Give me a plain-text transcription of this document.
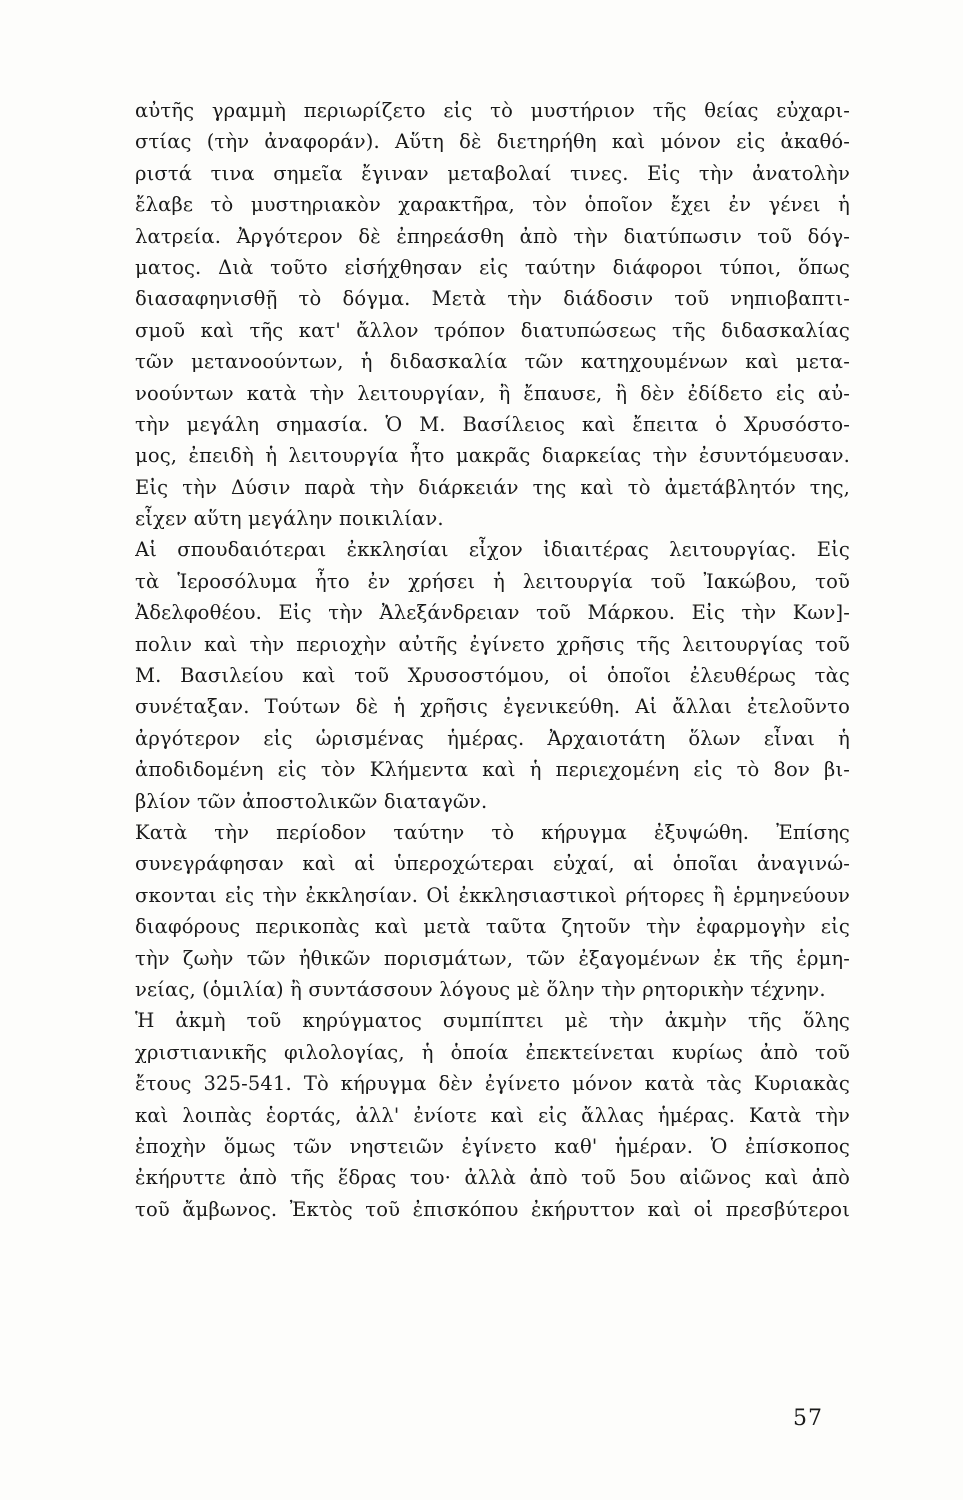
αὐτῆς γραμμὴ περιωρίζετο εἰς τὸ μυστήριον τῆς θείας εὐχαρι-
στίας (τὴν ἀναφοράν). Αὕτη δὲ διετηρήθη καὶ μόνον εἰς ἀκαθό-
ριστά τινα σημεῖα ἔγιναν μεταβολαί τινες. Εἰς τὴν ἀνατολὴν
ἔλαβε τὸ μυστηριακὸν χαρακτῆρα, τὸν ὁποῖον ἔχει ἐν γένει ἡ
λατρεία. Ἀργότερον δὲ ἐπηρεάσθη ἀπὸ τὴν διατύπωσιν τοῦ δόγ-
ματος. Διὰ τοῦτο εἰσήχθησαν εἰς ταύτην διάφοροι τύποι, ὅπως
διασαφηνισθῇ τὸ δόγμα. Μετὰ τὴν διάδοσιν τοῦ νηπιοβαπτι-
σμοῦ καὶ τῆς κατ' ἄλλον τρόπον διατυπώσεως τῆς διδασκαλίας
τῶν μετανοούντων, ἡ διδασκαλία τῶν κατηχουμένων καὶ μετα-
νοούντων κατὰ τὴν λειτουργίαν, ἢ ἔπαυσε, ἢ δὲν ἐδίδετο εἰς αὐ-
τὴν μεγάλη σημασία. Ὁ Μ. Βασίλειος καὶ ἔπειτα ὁ Χρυσόστο-
μος, ἐπειδὴ ἡ λειτουργία ἦτο μακρᾶς διαρκείας τὴν ἐσυντόμευσαν.
Εἰς τὴν Δύσιν παρὰ τὴν διάρκειάν της καὶ τὸ ἀμετάβλητόν της,
εἶχεν αὕτη μεγάλην ποικιλίαν.
Αἱ σπουδαιότεραι ἐκκλησίαι εἶχον ἰδιαιτέρας λειτουργίας. Εἰς
τὰ Ἱεροσόλυμα ἦτο ἐν χρήσει ἡ λειτουργία τοῦ Ἰακώβου, τοῦ
Ἀδελφοθέου. Εἰς τὴν Ἀλεξάνδρειαν τοῦ Μάρκου. Εἰς τὴν Κων]-
πολιν καὶ τὴν περιοχὴν αὐτῆς ἐγίνετο χρῆσις τῆς λειτουργίας τοῦ
Μ. Βασιλείου καὶ τοῦ Χρυσοστόμου, οἱ ὁποῖοι ἐλευθέρως τὰς
συνέταξαν. Τούτων δὲ ἡ χρῆσις ἐγενικεύθη. Αἱ ἄλλαι ἐτελοῦντο
ἀργότερον εἰς ὡρισμένας ἡμέρας. Ἀρχαιοτάτη ὅλων εἶναι ἡ
ἀποδιδομένη εἰς τὸν Κλήμεντα καὶ ἡ περιεχομένη εἰς τὸ 8ον βι-
βλίον τῶν ἀποστολικῶν διαταγῶν.
Κατὰ τὴν περίοδον ταύτην τὸ κήρυγμα ἐξυψώθη. Ἐπίσης
συνεγράφησαν καὶ αἱ ὑπεροχώτεραι εὐχαί, αἱ ὁποῖαι ἀναγινώ-
σκονται εἰς τὴν ἐκκλησίαν. Οἱ ἐκκλησιαστικοὶ ρήτορες ἢ ἑρμηνεύουν
διαφόρους περικοπὰς καὶ μετὰ ταῦτα ζητοῦν τὴν ἐφαρμογὴν εἰς
τὴν ζωὴν τῶν ἠθικῶν πορισμάτων, τῶν ἐξαγομένων ἐκ τῆς ἑρμη-
νείας, (ὁμιλία) ἢ συντάσσουν λόγους μὲ ὅλην τὴν ρητορικὴν τέχνην.
Ἡ ἀκμὴ τοῦ κηρύγματος συμπίπτει μὲ τὴν ἀκμὴν τῆς ὅλης
χριστιανικῆς φιλολογίας, ἡ ὁποία ἐπεκτείνεται κυρίως ἀπὸ τοῦ
ἔτους 325-541. Τὸ κήρυγμα δὲν ἐγίνετο μόνον κατὰ τὰς Κυριακὰς
καὶ λοιπὰς ἑορτάς, ἀλλ' ἐνίοτε καὶ εἰς ἄλλας ἡμέρας. Κατὰ τὴν
ἐποχὴν ὅμως τῶν νηστειῶν ἐγίνετο καθ' ἡμέραν. Ὁ ἐπίσκοπος
ἐκήρυττε ἀπὸ τῆς ἕδρας του· ἀλλὰ ἀπὸ τοῦ 5ου αἰῶνος καὶ ἀπὸ
τοῦ ἄμβωνος. Ἐκτὸς τοῦ ἐπισκόπου ἐκήρυττον καὶ οἱ πρεσβύτεροι
57
